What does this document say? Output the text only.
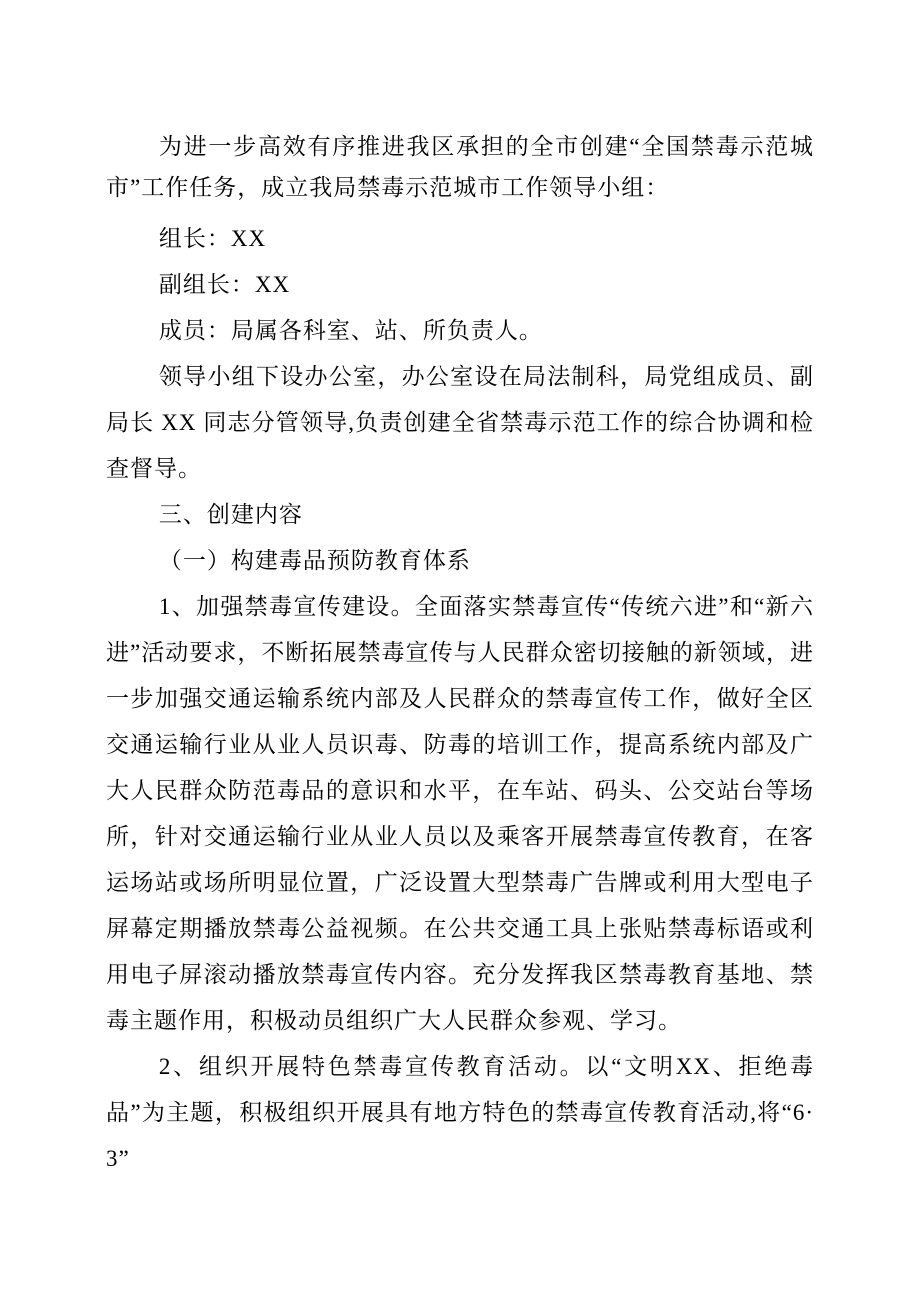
为进一步高效有序推进我区承担的全市创建“全国禁毒示范城市”工作任务，成立我局禁毒示范城市工作领导小组：

组长：XX

副组长：XX

成员：局属各科室、站、所负责人。

领导小组下设办公室，办公室设在局法制科，局党组成员、副局长 XX 同志分管领导,负责创建全省禁毒示范工作的综合协调和检查督导。

三、创建内容

（一）构建毒品预防教育体系

1、加强禁毒宣传建设。全面落实禁毒宣传“传统六进”和“新六进”活动要求，不断拓展禁毒宣传与人民群众密切接触的新领域，进一步加强交通运输系统内部及人民群众的禁毒宣传工作，做好全区交通运输行业从业人员识毒、防毒的培训工作，提高系统内部及广大人民群众防范毒品的意识和水平，在车站、码头、公交站台等场所，针对交通运输行业从业人员以及乘客开展禁毒宣传教育，在客运场站或场所明显位置，广泛设置大型禁毒广告牌或利用大型电子屏幕定期播放禁毒公益视频。在公共交通工具上张贴禁毒标语或利用电子屏滚动播放禁毒宣传内容。充分发挥我区禁毒教育基地、禁毒主题作用，积极动员组织广大人民群众参观、学习。

2、组织开展特色禁毒宣传教育活动。以“文明XX、拒绝毒品”为主题，积极组织开展具有地方特色的禁毒宣传教育活动,将“6·3”
